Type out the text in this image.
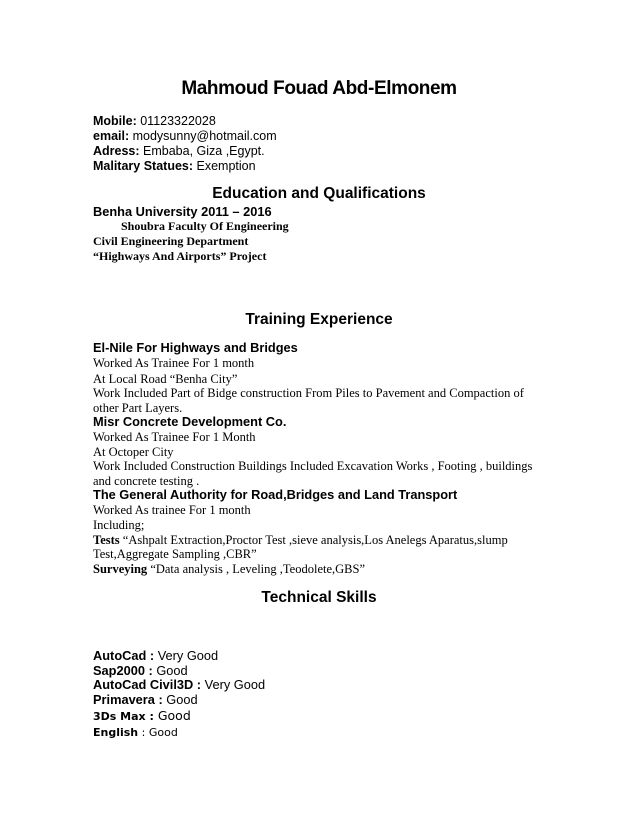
Mahmoud Fouad Abd-Elmonem
Mobile: 01123322028
email: modysunny@hotmail.com
Adress: Embaba, Giza ,Egypt.
Malitary Statues: Exemption
Education and Qualifications
Benha University 2011 – 2016
Shoubra Faculty Of Engineering
Civil Engineering Department
“Highways And Airports” Project
Training Experience
El-Nile For Highways and Bridges
Worked As Trainee For 1 month
At Local Road “Benha City”
Work Included Part of Bidge construction From Piles to Pavement and Compaction of
other Part Layers.
Misr Concrete Development Co.
Worked As Trainee For 1 Month
At Octoper City
Work Included Construction Buildings Included Excavation Works , Footing , buildings
and concrete testing .
The General Authority for Road,Bridges and Land Transport
Worked As trainee For 1 month
Including;
Tests “Ashpalt Extraction,Proctor Test ,sieve analysis,Los Anelegs Aparatus,slump
Test,Aggregate Sampling ,CBR”
Surveying “Data analysis , Leveling ,Teodolete,GBS”
Technical Skills
AutoCad : Very Good
Sap2000 : Good
AutoCad Civil3D : Very Good
Primavera : Good
3Ds Max : Good
English : Good
